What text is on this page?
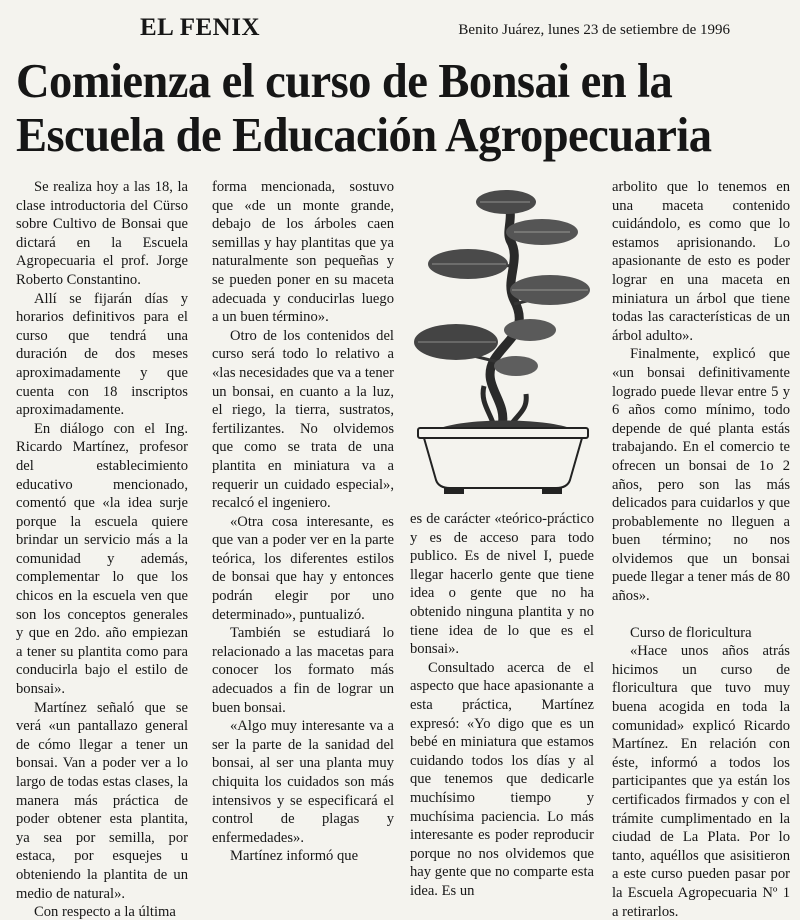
EL FENIX	Benito Juárez, lunes 23 de setiembre de 1996
Comienza el curso de Bonsai en la
Escuela de Educación Agropecuaria

Se realiza hoy a las 18, la clase introductoria del Cürso sobre Cultivo de Bonsai que dictará en la Escuela Agropecuaria el prof. Jorge Roberto Constantino.

Allí se fijarán días y horarios definitivos para el curso que tendrá una duración de dos meses aproximadamente y que cuenta con 18 inscriptos aproximadamente.

En diálogo con el Ing. Ricardo Martínez, profesor del establecimiento educativo mencionado, comentó que «la idea surje porque la escuela quiere brindar un servicio más a la comunidad y además, complementar lo que los chicos en la escuela ven que son los conceptos generales y que en 2do. año empiezan a tener su plantita como para conducirla bajo el estilo de bonsai».

Martínez señaló que se verá «un pantallazo general de cómo llegar a tener un bonsai. Van a poder ver a lo largo de todas estas clases, la manera más práctica de poder obtener esta plantita, ya sea por semilla, por estaca, por esquejes u obteniendo la plantita de un medio de natural».

Con respecto a la última

forma mencionada, sostuvo que «de un monte grande, debajo de los árboles caen semillas y hay plantitas que ya naturalmente son pequeñas y se pueden poner en su maceta adecuada y conducirlas luego a un buen término».

Otro de los contenidos del curso será todo lo relativo a «las necesidades que va a tener un bonsai, en cuanto a la luz, el riego, la tierra, sustratos, fertilizantes. No olvidemos que como se trata de una plantita en miniatura va a requerir un cuidado especial», recalcó el ingeniero.

«Otra cosa interesante, es que van a poder ver en la parte teórica, los diferentes estilos de bonsai que hay y entonces podrán elegir por uno determinado», puntualizó.

También se estudiará lo relacionado a las macetas para conocer los formato más adecuados a fin de lograr un buen bonsai.

«Algo muy interesante va a ser la parte de la sanidad del bonsai, al ser una planta muy chiquita los cuidados son más intensivos y se especificará el control de plagas y enfermedades».

Martínez informó que

es de carácter «teórico-práctico y es de acceso para todo publico. Es de nivel I, puede llegar hacerlo gente que tiene idea o gente que no ha obtenido ninguna plantita y no tiene idea de lo que es el bonsai».

Consultado acerca de el aspecto que hace apasionante a esta práctica, Martínez expresó: «Yo digo que es un bebé en miniatura que estamos cuidando todos los días y al que tenemos que dedicarle muchísimo tiempo y muchísima paciencia. Lo más interesante es poder reproducir porque no nos olvidemos que hay gente que no comparte esta idea. Es un

arbolito que lo tenemos en una maceta contenido cuidándolo, es como que lo estamos aprisionando. Lo apasionante de esto es poder lograr en una maceta en miniatura un árbol que tiene todas las características de un árbol adulto».

Finalmente, explicó que «un bonsai definitivamente logrado puede llevar entre 5 y 6 años como mínimo, todo depende de qué planta estás trabajando. En el comercio te ofrecen un bonsai de 1o 2 años, pero son las más delicados para cuidarlos y que probablemente no lleguen a buen término; no nos olvidemos que un bonsai puede llegar a tener más de 80 años».

Curso de floricultura

«Hace unos años atrás hicimos un curso de floricultura que tuvo muy buena acogida en toda la comunidad» explicó Ricardo Martínez. En relación con éste, informó a todos los participantes que ya están los certificados firmados y con el trámite cumplimentado en la ciudad de La Plata. Por lo tanto, aquéllos que asisitieron a este curso pueden pasar por la Escuela Agropecuaria Nº 1 a retirarlos.
